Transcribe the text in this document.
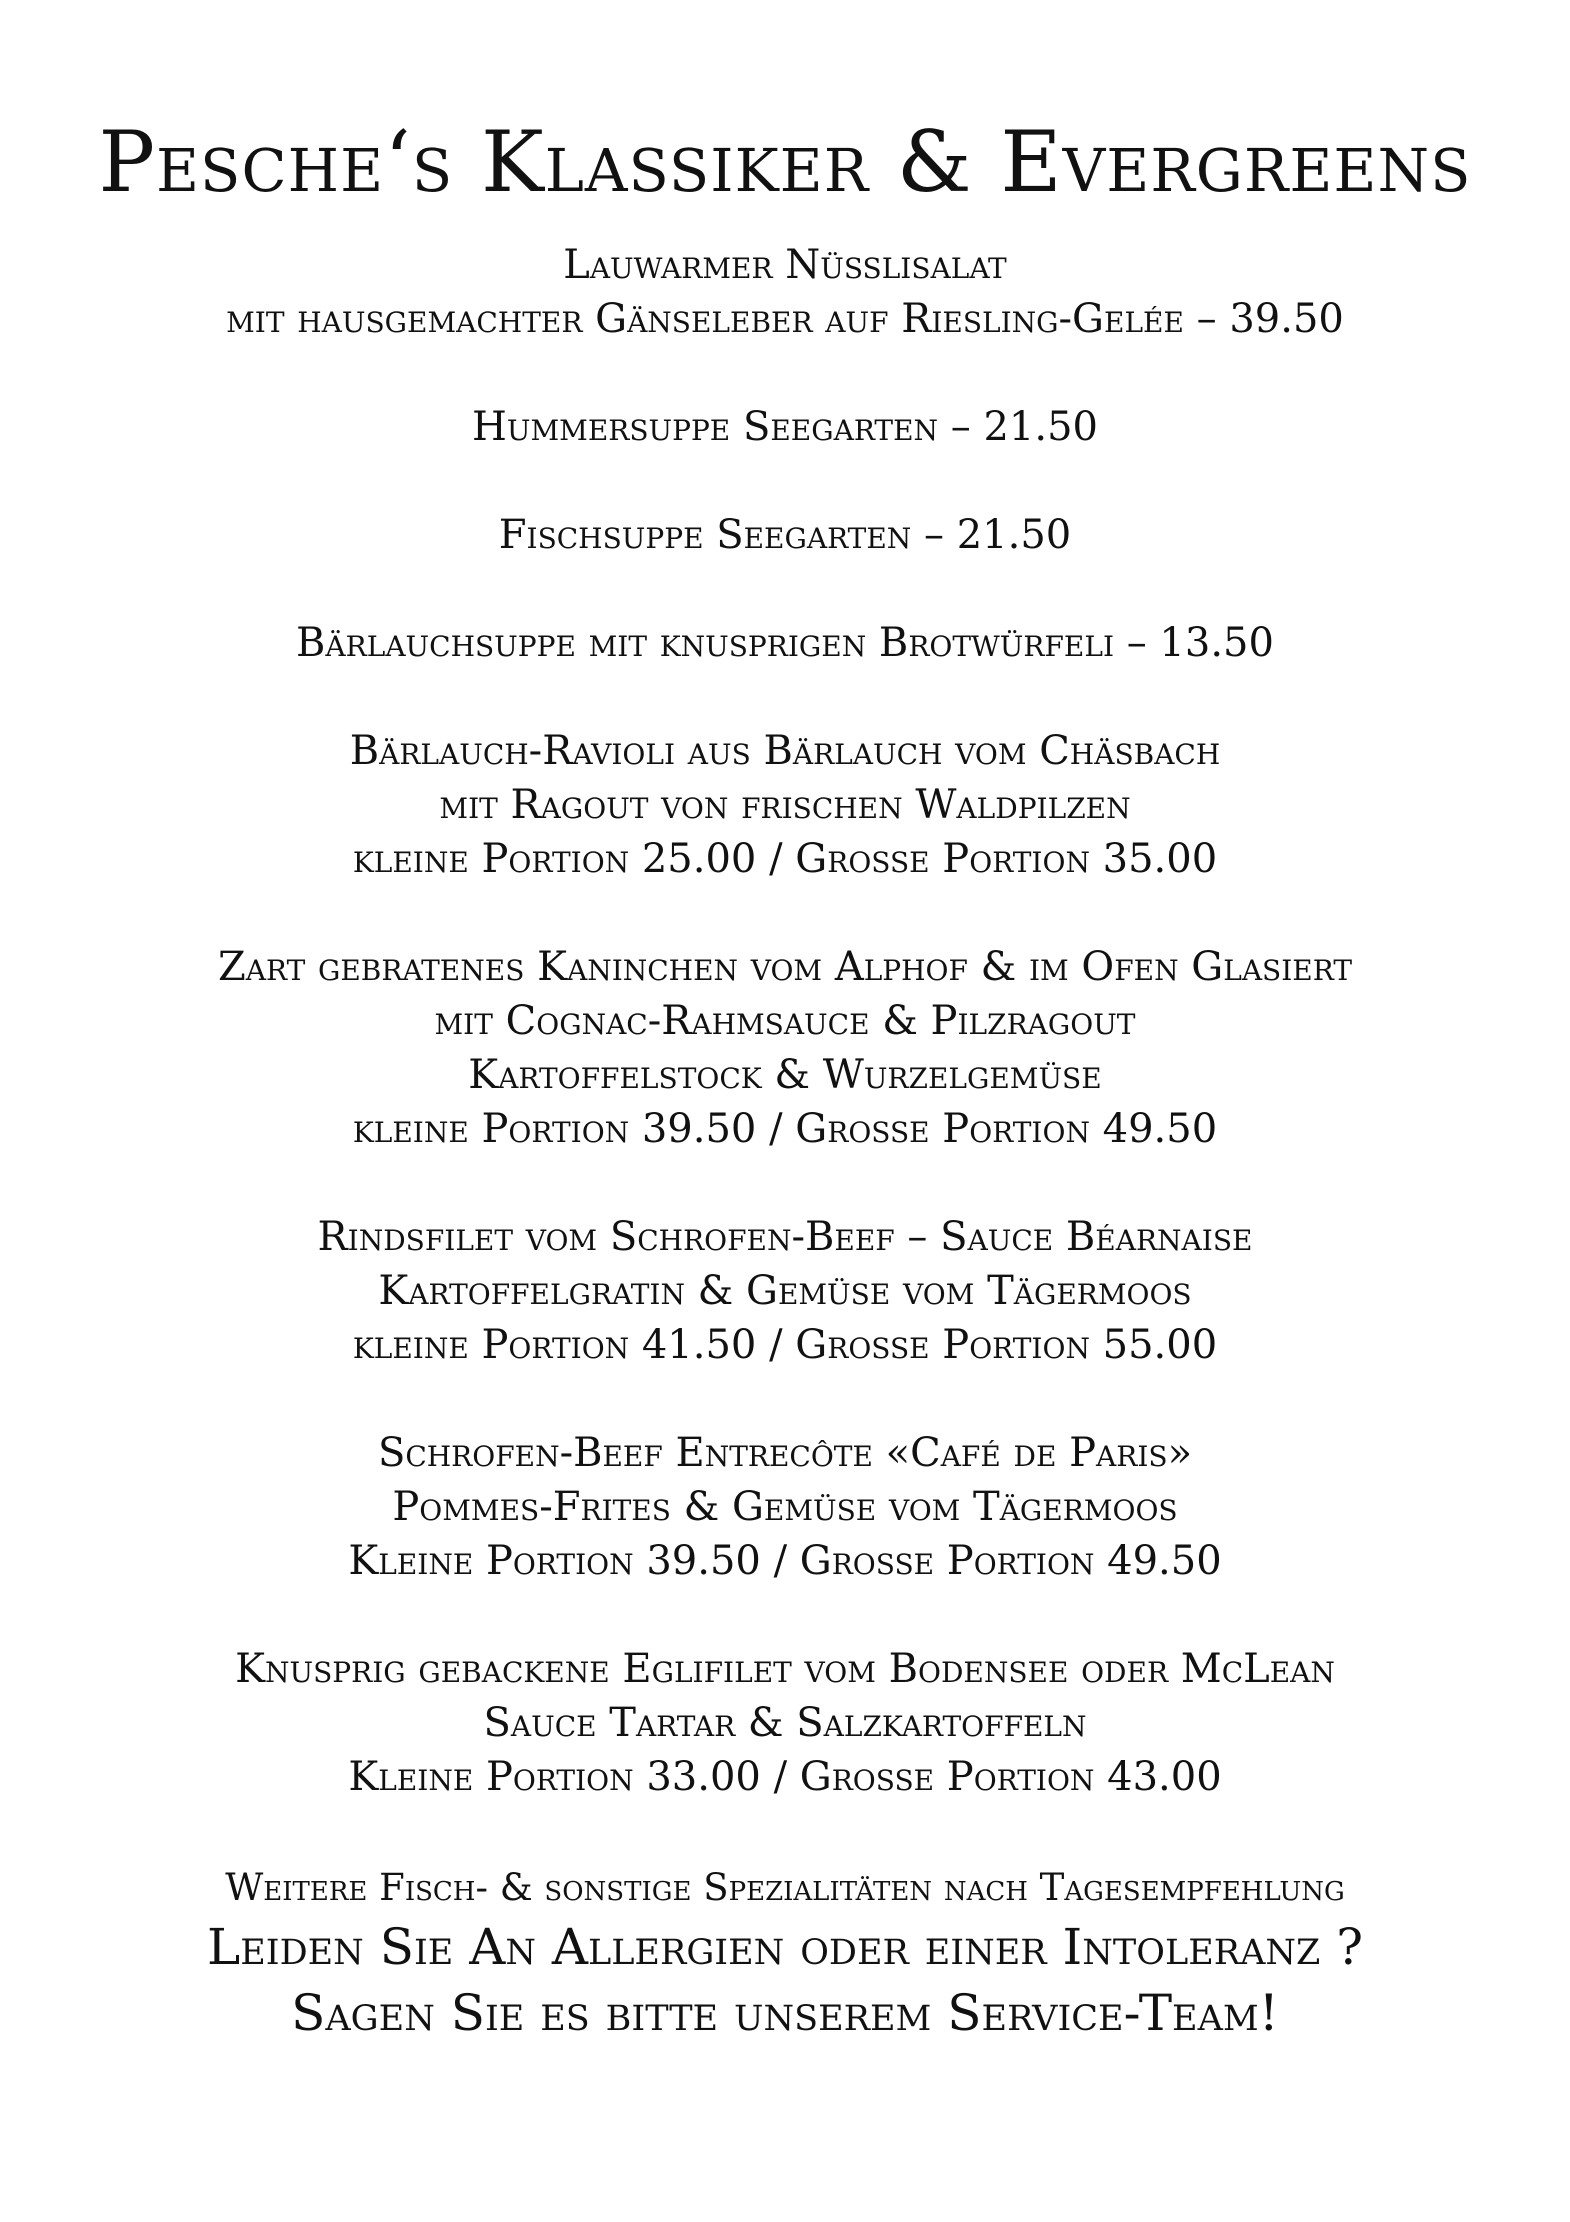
Pesche‘s Klassiker & Evergreens
Lauwarmer Nüsslisalat
mit hausgemachter Gänseleber auf Riesling-Gelée – 39.50
Hummersuppe Seegarten – 21.50
Fischsuppe Seegarten – 21.50
Bärlauchsuppe mit knusprigen Brotwürfeli – 13.50
Bärlauch-Ravioli aus Bärlauch vom Chäsbach
mit Ragout von frischen Waldpilzen
kleine Portion 25.00 / Grosse Portion 35.00
Zart gebratenes Kaninchen vom Alphof & im Ofen Glasiert
mit Cognac-Rahmsauce & Pilzragout
Kartoffelstock & Wurzelgemüse
kleine Portion 39.50 / Grosse Portion 49.50
Rindsfilet vom Schrofen-Beef – Sauce Béarnaise
Kartoffelgratin & Gemüse vom Tägermoos
kleine Portion 41.50 / Grosse Portion 55.00
Schrofen-Beef Entrecôte «Café de Paris»
Pommes-Frites & Gemüse vom Tägermoos
Kleine Portion 39.50 / Grosse Portion 49.50
Knusprig gebackene Eglifilet vom Bodensee oder McLean
Sauce Tartar & Salzkartoffeln
Kleine Portion 33.00 / Grosse Portion 43.00
Weitere Fisch- & sonstige Spezialitäten nach Tagesempfehlung
Leiden Sie An Allergien oder einer Intoleranz ?
Sagen Sie es bitte unserem Service-Team!
